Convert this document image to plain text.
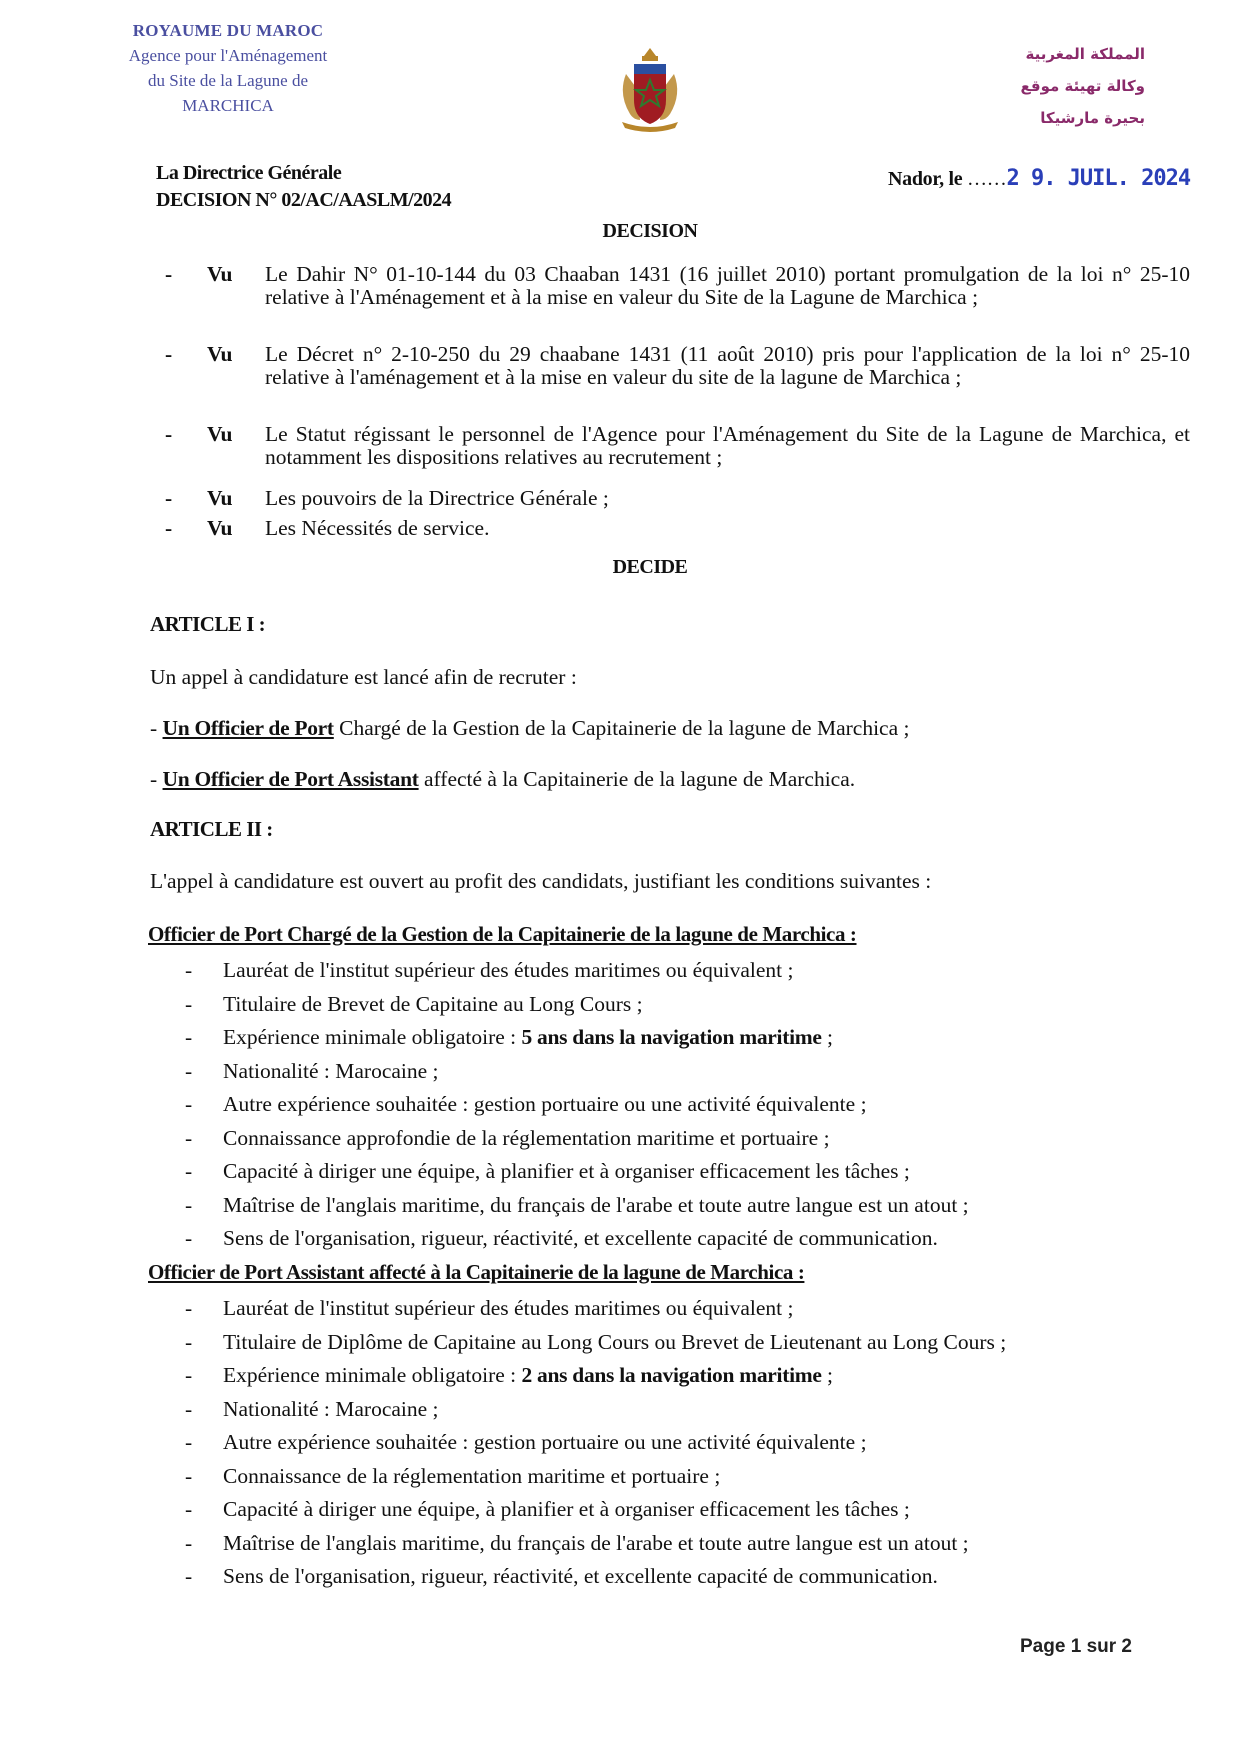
ROYAUME DU MAROC
Agence pour l'Aménagement
du Site de la Lagune de
MARCHICA
المملكة المغربية
وكالة تهيئة موقع
بحيرة مارشيكا
La Directrice Générale
DECISION N° 02/AC/AASLM/2024
Nador, le ……2 9. JUIL. 2024
DECISION
- Vu Le Dahir N° 01-10-144 du 03 Chaaban 1431 (16 juillet 2010) portant promulgation de la loi n° 25-10 relative à l'Aménagement et à la mise en valeur du Site de la Lagune de Marchica ;
- Vu Le Décret n° 2-10-250 du 29 chaabane 1431 (11 août 2010) pris pour l'application de la loi n° 25-10 relative à l'aménagement et à la mise en valeur du site de la lagune de Marchica ;
- Vu Le Statut régissant le personnel de l'Agence pour l'Aménagement du Site de la Lagune de Marchica, et notamment les dispositions relatives au recrutement ;
- Vu Les pouvoirs de la Directrice Générale ;
- Vu Les Nécessités de service.
DECIDE
ARTICLE I :
Un appel à candidature est lancé afin de recruter :
- Un Officier de Port Chargé de la Gestion de la Capitainerie de la lagune de Marchica ;
- Un Officier de Port Assistant affecté à la Capitainerie de la lagune de Marchica.
ARTICLE II :
L'appel à candidature est ouvert au profit des candidats, justifiant les conditions suivantes :
Officier de Port Chargé de la Gestion de la Capitainerie de la lagune de Marchica :
- Lauréat de l'institut supérieur des études maritimes ou équivalent ;
- Titulaire de Brevet de Capitaine au Long Cours ;
- Expérience minimale obligatoire : 5 ans dans la navigation maritime ;
- Nationalité : Marocaine ;
- Autre expérience souhaitée : gestion portuaire ou une activité équivalente ;
- Connaissance approfondie de la réglementation maritime et portuaire ;
- Capacité à diriger une équipe, à planifier et à organiser efficacement les tâches ;
- Maîtrise de l'anglais maritime, du français de l'arabe et toute autre langue est un atout ;
- Sens de l'organisation, rigueur, réactivité, et excellente capacité de communication.
Officier de Port Assistant affecté à la Capitainerie de la lagune de Marchica :
- Lauréat de l'institut supérieur des études maritimes ou équivalent ;
- Titulaire de Diplôme de Capitaine au Long Cours ou Brevet de Lieutenant au Long Cours ;
- Expérience minimale obligatoire : 2 ans dans la navigation maritime ;
- Nationalité : Marocaine ;
- Autre expérience souhaitée : gestion portuaire ou une activité équivalente ;
- Connaissance de la réglementation maritime et portuaire ;
- Capacité à diriger une équipe, à planifier et à organiser efficacement les tâches ;
- Maîtrise de l'anglais maritime, du français de l'arabe et toute autre langue est un atout ;
- Sens de l'organisation, rigueur, réactivité, et excellente capacité de communication.
Page 1 sur 2
